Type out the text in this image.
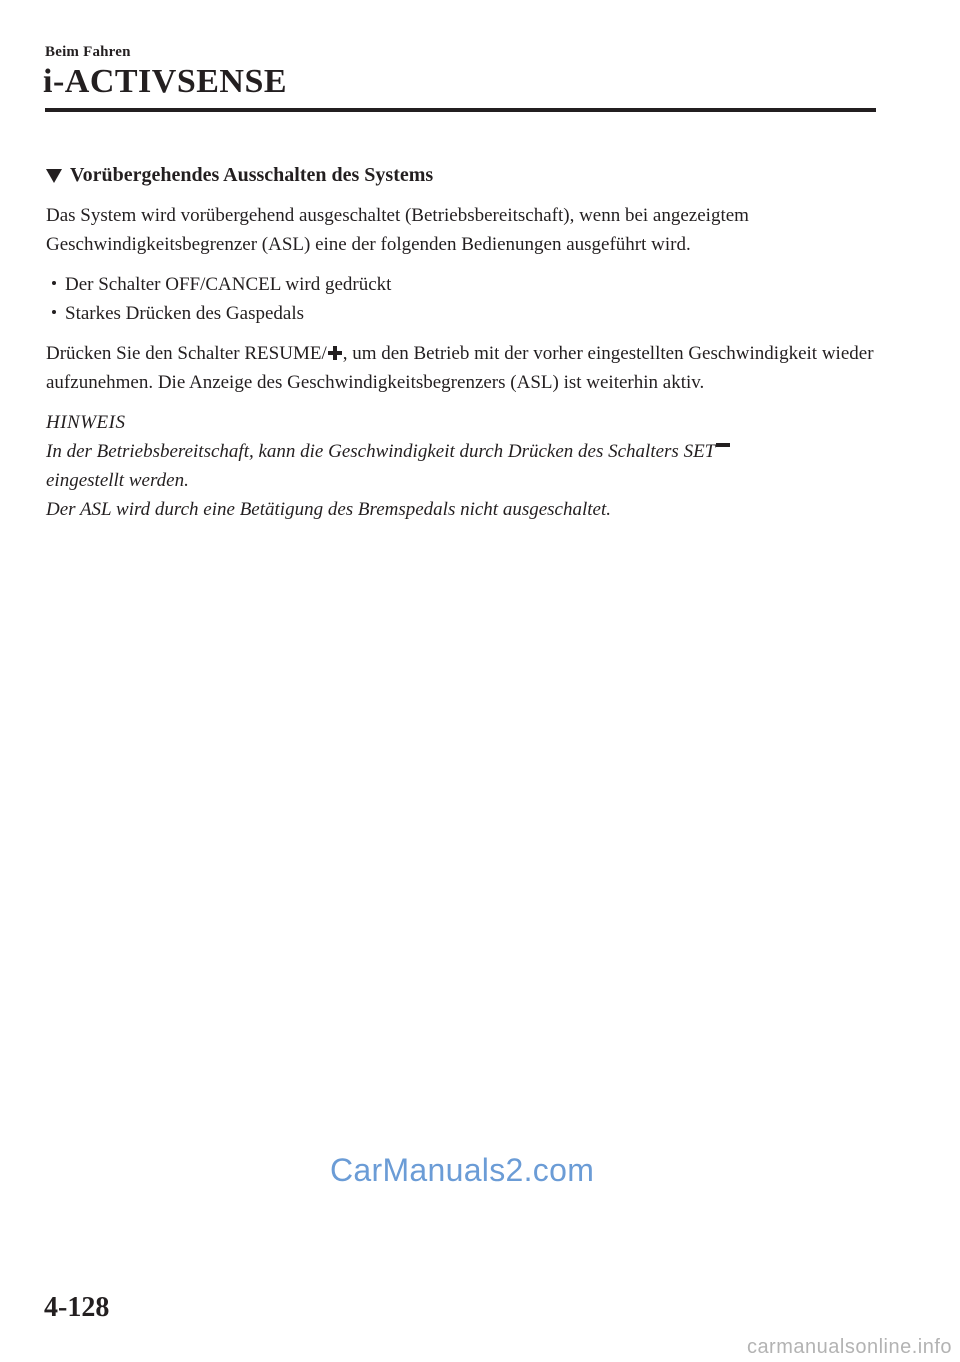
Beim Fahren
i-ACTIVSENSE
Vorübergehendes Ausschalten des Systems

Das System wird vorübergehend ausgeschaltet (Betriebsbereitschaft), wenn bei angezeigtem Geschwindigkeitsbegrenzer (ASL) eine der folgenden Bedienungen ausgeführt wird.

Der Schalter OFF/CANCEL wird gedrückt
Starkes Drücken des Gaspedals

Drücken Sie den Schalter RESUME/ , um den Betrieb mit der vorher eingestellten Geschwindigkeit wieder aufzunehmen. Die Anzeige des Geschwindigkeitsbegrenzers (ASL) ist weiterhin aktiv.

HINWEIS

In der Betriebsbereitschaft, kann die Geschwindigkeit durch Drücken des Schalters SET

eingestellt werden.

Der ASL wird durch eine Betätigung des Bremspedals nicht ausgeschaltet.

CarManuals2.com
4-128
carmanualsonline.info
